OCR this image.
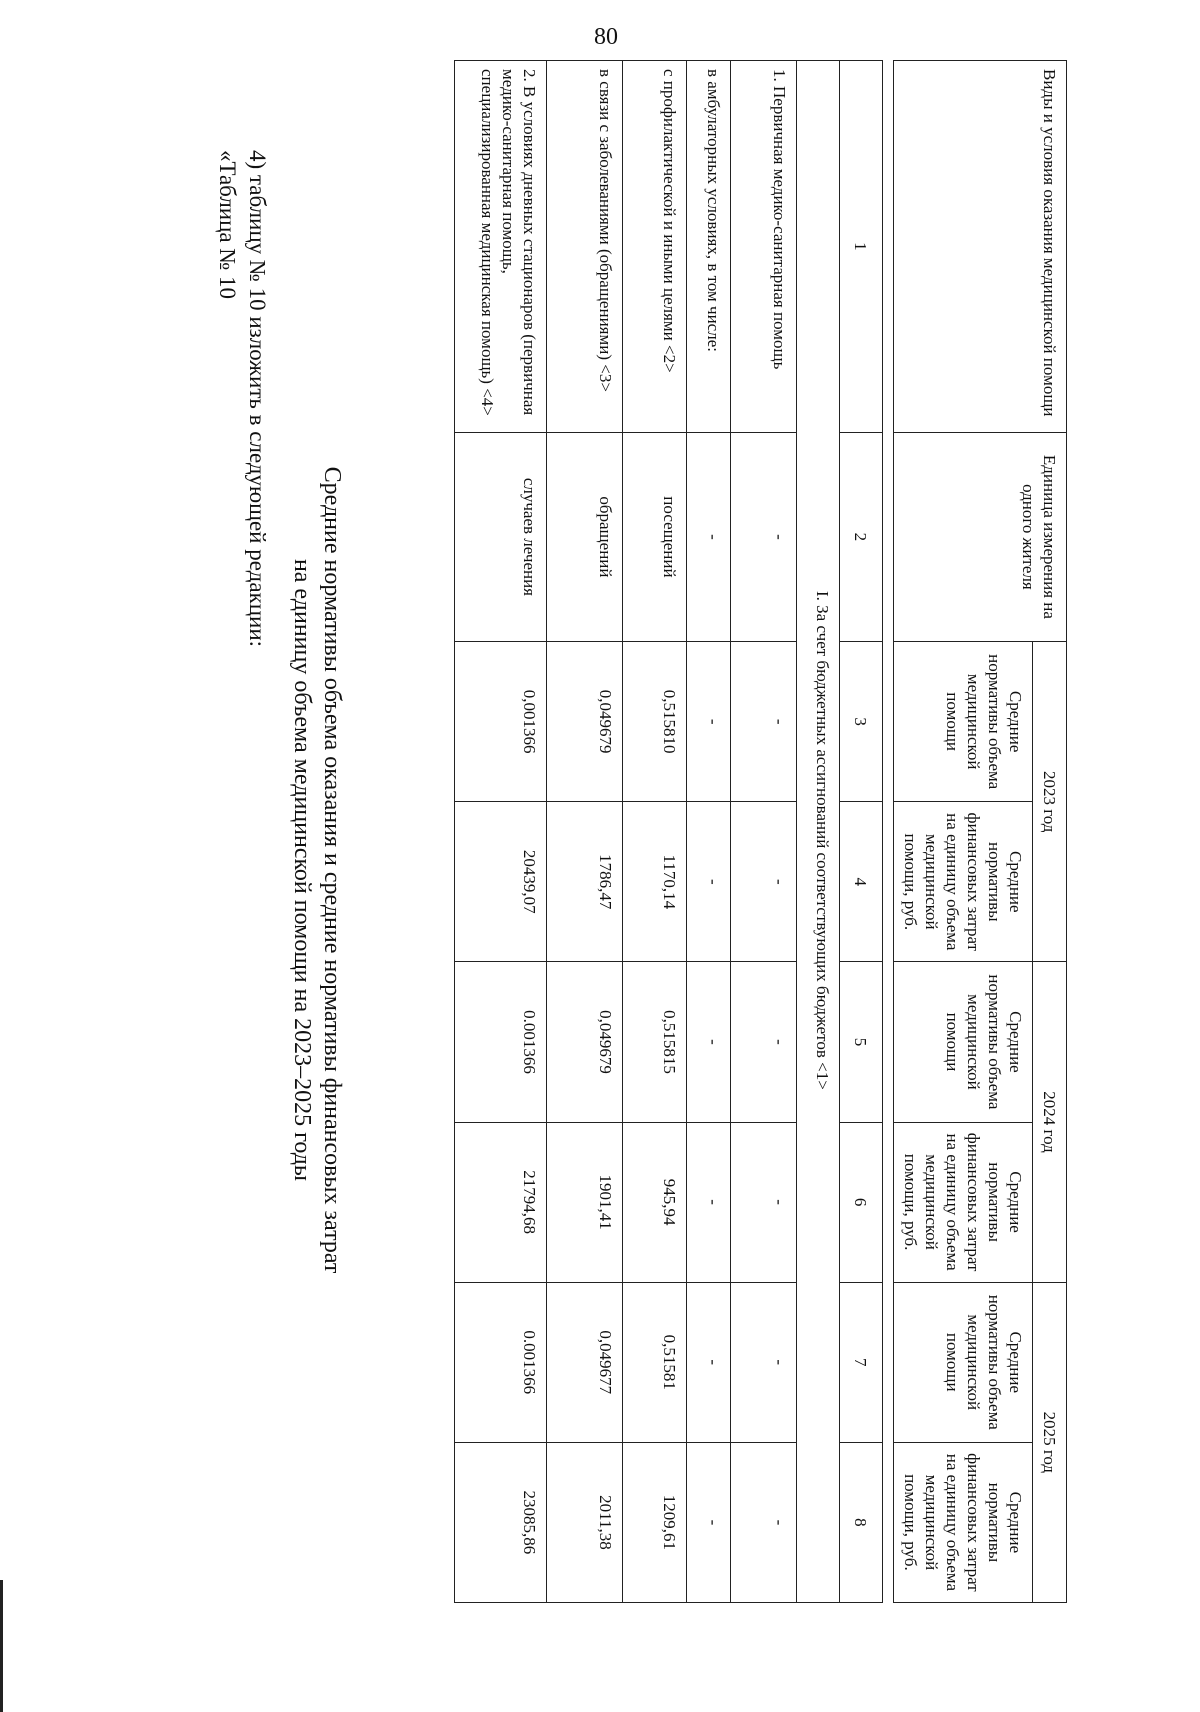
80
4) таблицу № 10 изложить в следующей редакции:
«Таблица № 10
Средние нормативы объема оказания и средние нормативы финансовых затрат
на единицу объема медицинской помощи на 2023–2025 годы
Виды и условия оказания медицинской помощи	Единица измерения на одного жителя	2023 год		2024 год		2025 год	
		Средние нормативы объема медицинской помощи	Средние нормативы финансовых затрат на единицу объема медицинской помощи, руб.	Средние нормативы объема медицинской помощи	Средние нормативы финансовых затрат на единицу объема медицинской помощи, руб.	Средние нормативы объема медицинской помощи	Средние нормативы финансовых затрат на единицу объема медицинской помощи, руб.

1	2	3	4	5	6	7	8
I. За счет бюджетных ассигнований соответствующих бюджетов <1>							
1. Первичная медико-санитарная помощь	-	-	-	-	-	-	-
в амбулаторных условиях, в том числе:	-	-	-	-	-	-	-
с профилактической и иными целями <2>	посещений	0,515810	1170,14	0,515815	945,94	0,51581	1209,61
в связи с заболеваниями (обращениями) <3>	обращений	0,049679	1786,47	0,049679	1901,41	0,049677	2011,38
2. В условиях дневных стационаров (первичная медико-санитарная помощь, специализированная медицинская помощь) <4>	случаев лечения	0,001366	20439,07	0.001366	21794,68	0.001366	23085,86
